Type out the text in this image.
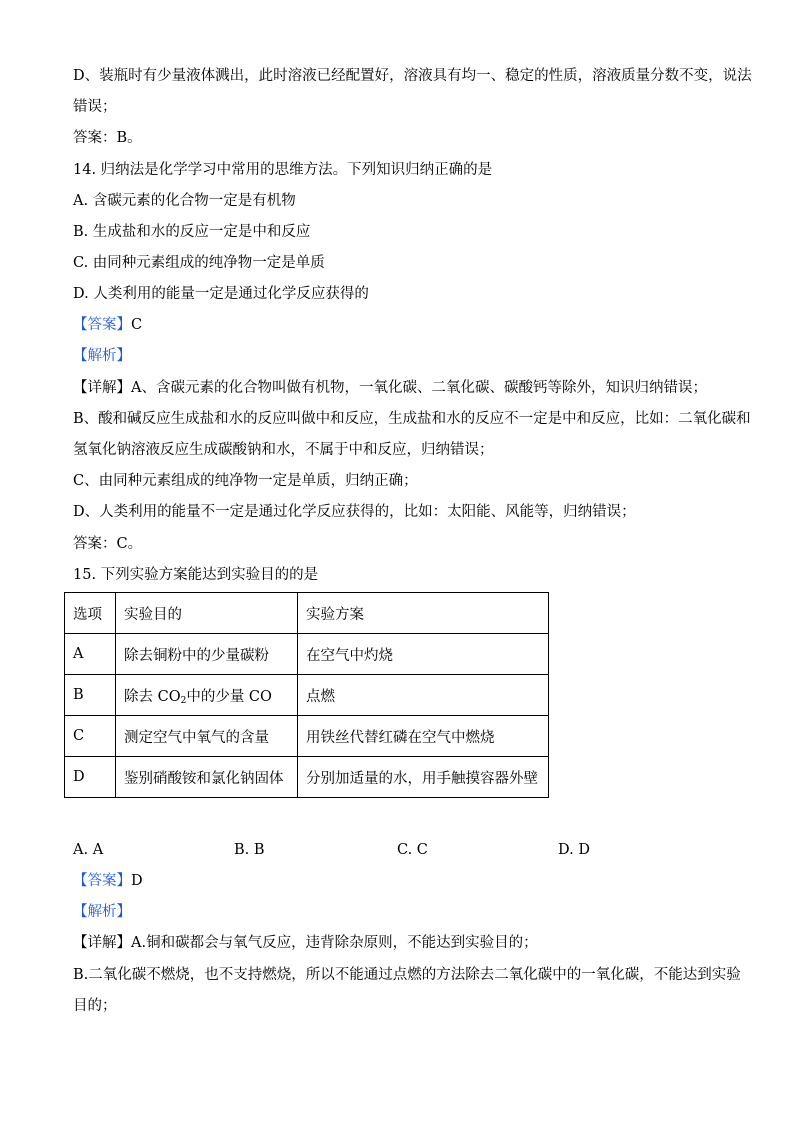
D、装瓶时有少量液体溅出，此时溶液已经配置好，溶液具有均一、稳定的性质，溶液质量分数不变，说法
错误；
答案：B。
14. 归纳法是化学学习中常用的思维方法。下列知识归纳正确的是
A. 含碳元素的化合物一定是有机物
B. 生成盐和水的反应一定是中和反应
C. 由同种元素组成的纯净物一定是单质
D. 人类利用的能量一定是通过化学反应获得的
【答案】C
【解析】
【详解】A、含碳元素的化合物叫做有机物，一氧化碳、二氧化碳、碳酸钙等除外，知识归纳错误；
B、酸和碱反应生成盐和水的反应叫做中和反应，生成盐和水的反应不一定是中和反应，比如：二氧化碳和
氢氧化钠溶液反应生成碳酸钠和水，不属于中和反应，归纳错误；
C、由同种元素组成的纯净物一定是单质，归纳正确；
D、人类利用的能量不一定是通过化学反应获得的，比如：太阳能、风能等，归纳错误；
答案：C。
15. 下列实验方案能达到实验目的的是
选项	实验目的	实验方案
A	除去铜粉中的少量碳粉	在空气中灼烧
B	除去 $CO_2$中的少量 CO	点燃
C	测定空气中氧气的含量	用铁丝代替红磷在空气中燃烧
D	鉴别硝酸铵和氯化钠固体	分别加适量的水，用手触摸容器外壁
A. A	B. B	C. C	D. D
【答案】D
【解析】
【详解】A.铜和碳都会与氧气反应，违背除杂原则，不能达到实验目的；
B.二氧化碳不燃烧，也不支持燃烧，所以不能通过点燃的方法除去二氧化碳中的一氧化碳，不能达到实验
目的；
